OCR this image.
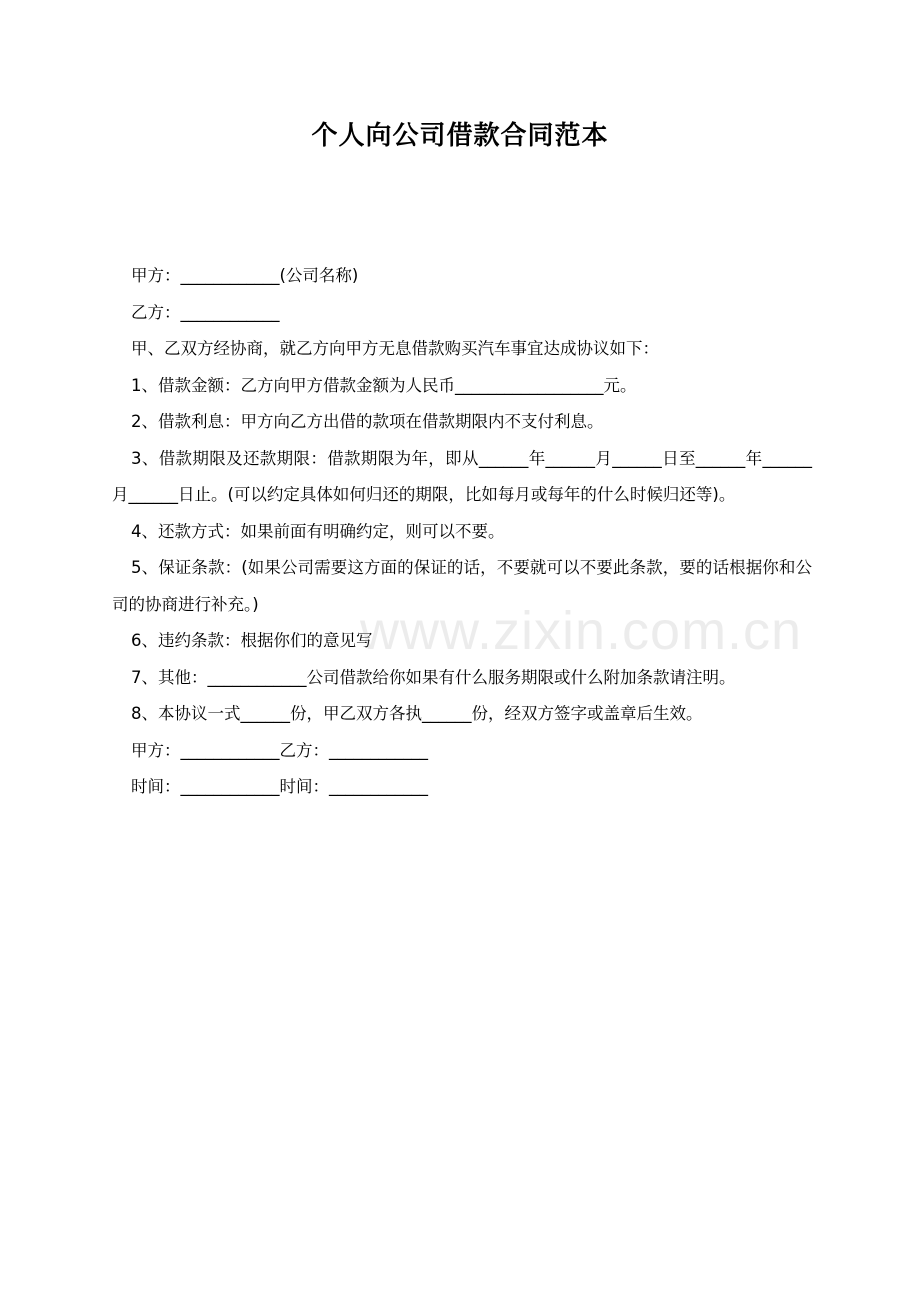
个人向公司借款合同范本

甲方：____________(公司名称)

乙方：____________

甲、乙双方经协商，就乙方向甲方无息借款购买汽车事宜达成协议如下：

1、借款金额：乙方向甲方借款金额为人民币__________________元。

2、借款利息：甲方向乙方出借的款项在借款期限内不支付利息。

3、借款期限及还款期限：借款期限为年，即从______年______月______日至______年______月______日止。(可以约定具体如何归还的期限，比如每月或每年的什么时候归还等)。

4、还款方式：如果前面有明确约定，则可以不要。

5、保证条款：(如果公司需要这方面的保证的话，不要就可以不要此条款，要的话根据你和公司的协商进行补充。)

6、违约条款：根据你们的意见写

7、其他：____________公司借款给你如果有什么服务期限或什么附加条款请注明。

8、本协议一式______份，甲乙双方各执______份，经双方签字或盖章后生效。

甲方：____________乙方：____________

时间：____________时间：____________

www.zixin.com.cn
